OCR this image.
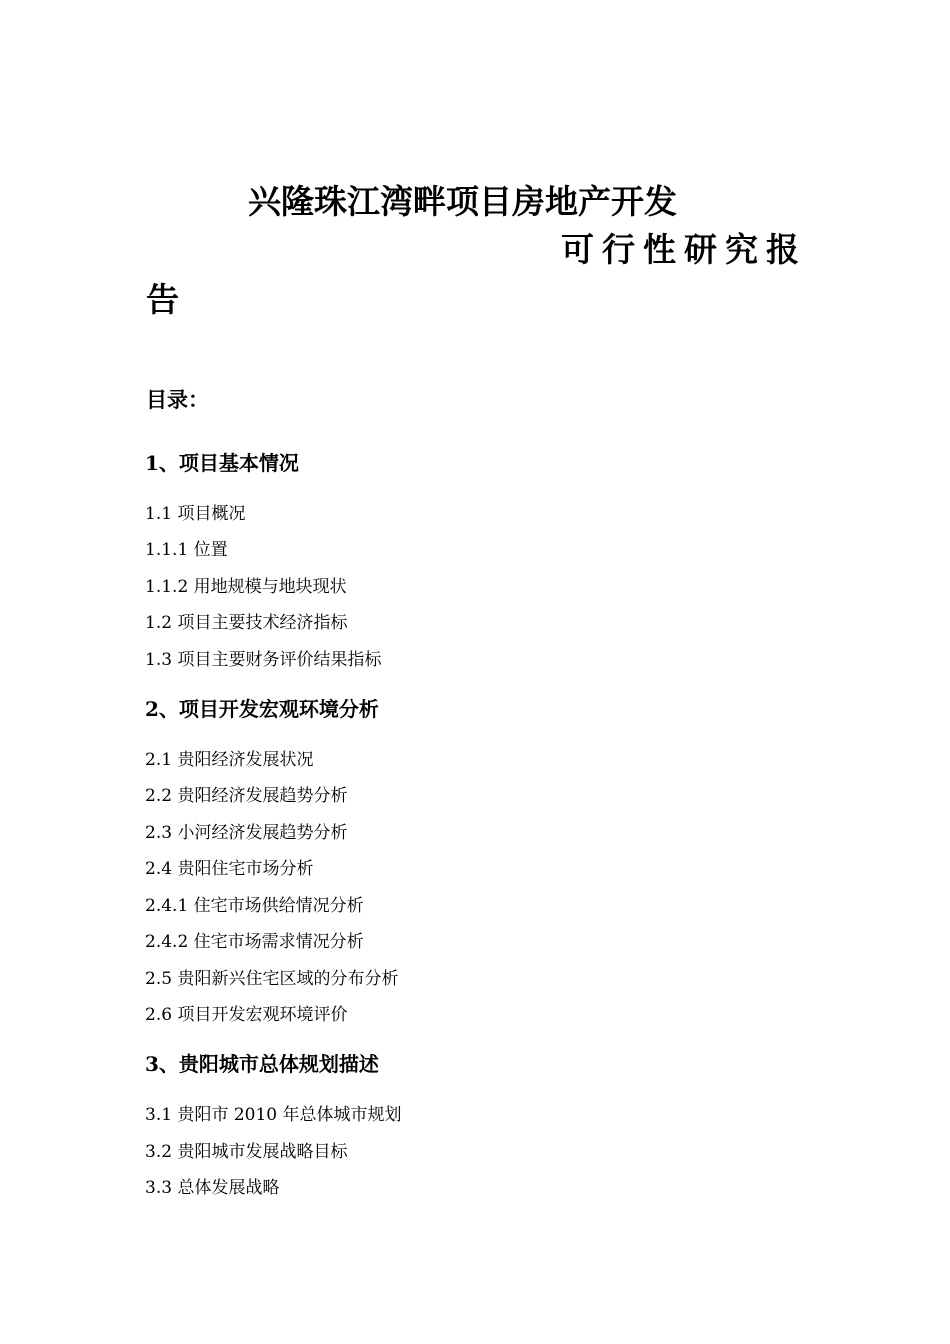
兴隆珠江湾畔项目房地产开发
可行性研究报
告
目录：
1、项目基本情况
1.1 项目概况
1.1.1 位置
1.1.2 用地规模与地块现状
1.2 项目主要技术经济指标
1.3 项目主要财务评价结果指标
2、项目开发宏观环境分析
2.1 贵阳经济发展状况
2.2 贵阳经济发展趋势分析
2.3 小河经济发展趋势分析
2.4 贵阳住宅市场分析
2.4.1 住宅市场供给情况分析
2.4.2 住宅市场需求情况分析
2.5 贵阳新兴住宅区域的分布分析
2.6 项目开发宏观环境评价
3、贵阳城市总体规划描述
3.1 贵阳市 2010 年总体城市规划
3.2 贵阳城市发展战略目标
3.3 总体发展战略
